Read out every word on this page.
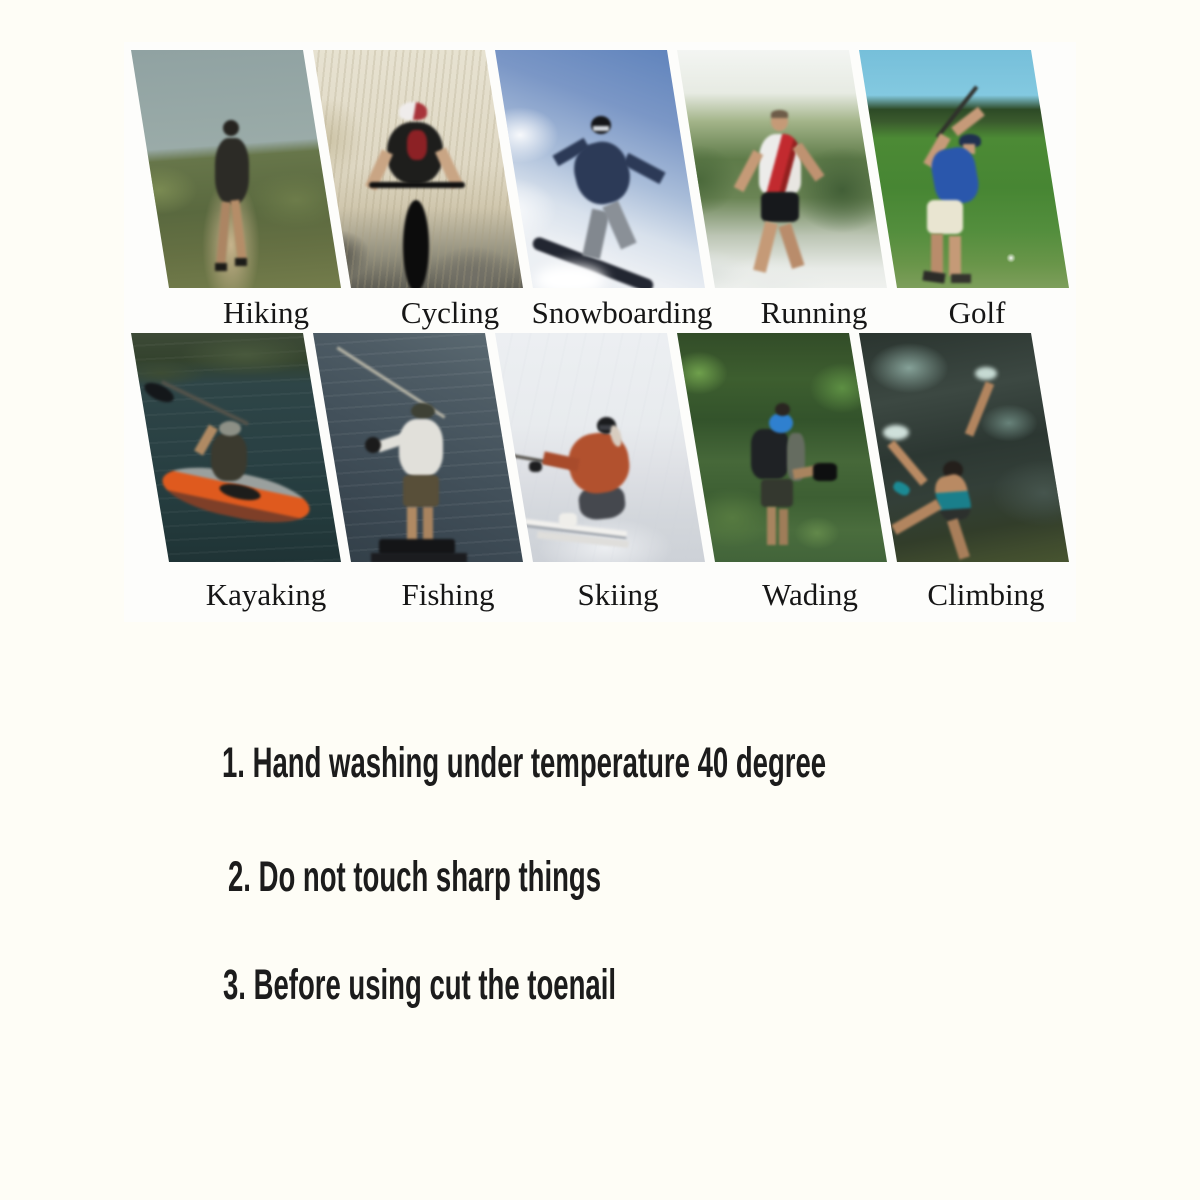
Hiking	Cycling Snowboarding Running	Golf
Kayaking Fishing	Skiing	Wading Climbing
1. Hand washing under temperature 40 degree
2. Do not touch sharp things
3. Before using cut the toenail
